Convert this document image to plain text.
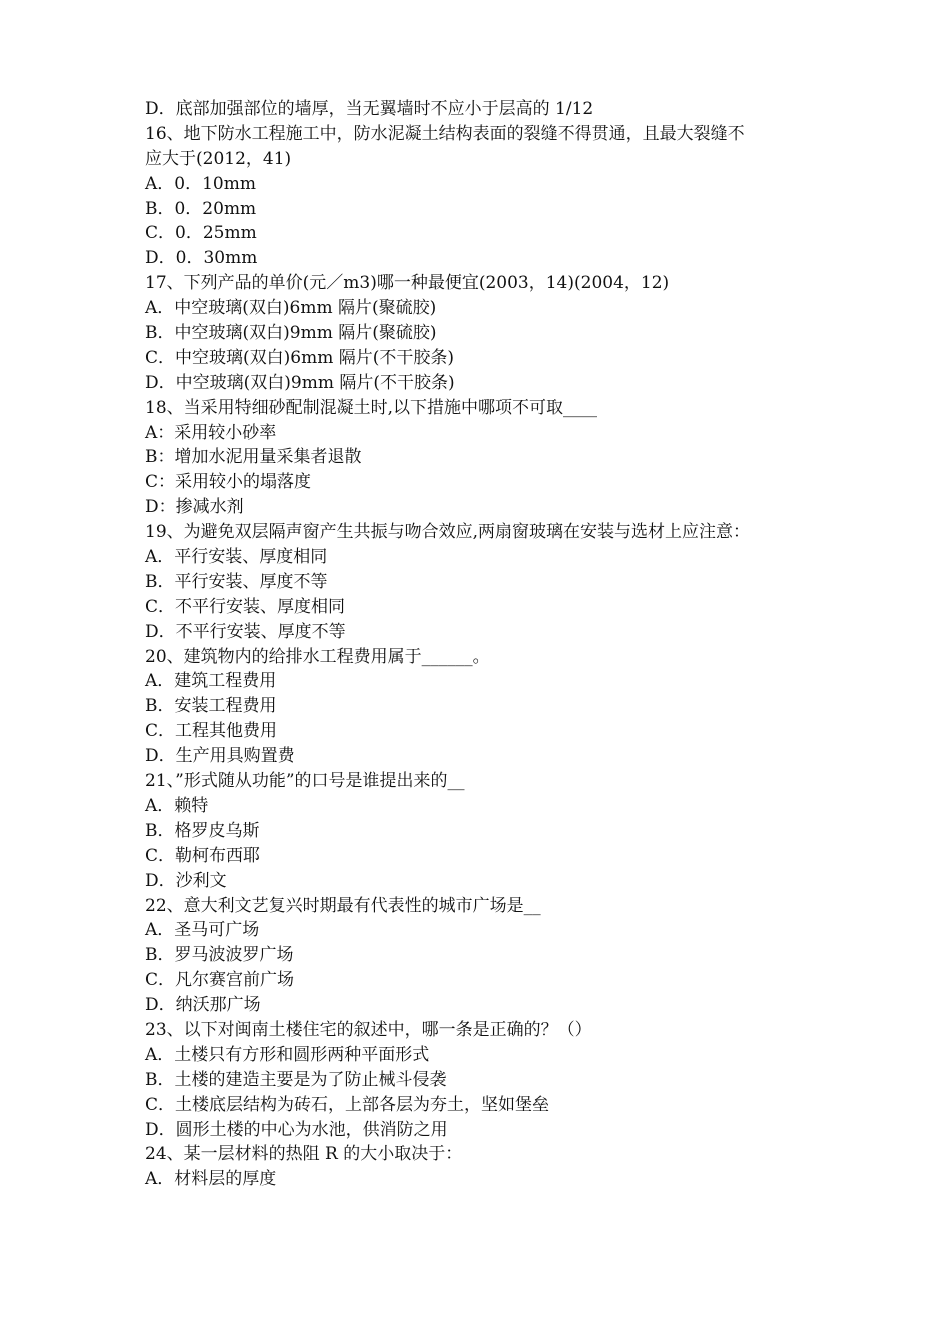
D．底部加强部位的墙厚，当无翼墙时不应小于层高的 1/12
16、地下防水工程施工中，防水泥凝土结构表面的裂缝不得贯通，且最大裂缝不
应大于(2012，41)
A．0．10mm
B．0．20mm
C．0．25mm
D．0．30mm
17、下列产品的单价(元／m3)哪一种最便宜(2003，14)(2004，12)
A．中空玻璃(双白)6mm 隔片(聚硫胶)
B．中空玻璃(双白)9mm 隔片(聚硫胶)
C．中空玻璃(双白)6mm 隔片(不干胶条)
D．中空玻璃(双白)9mm 隔片(不干胶条)
18、当采用特细砂配制混凝土时,以下措施中哪项不可取____
A：采用较小砂率
B：增加水泥用量采集者退散
C：采用较小的塌落度
D：掺减水剂
19、为避免双层隔声窗产生共振与吻合效应,两扇窗玻璃在安装与选材上应注意：
A．平行安装、厚度相同
B．平行安装、厚度不等
C．不平行安装、厚度相同
D．不平行安装、厚度不等
20、建筑物内的给排水工程费用属于______。
A．建筑工程费用
B．安装工程费用
C．工程其他费用
D．生产用具购置费
21、”形式随从功能”的口号是谁提出来的__
A．赖特
B．格罗皮乌斯
C．勒柯布西耶
D．沙利文
22、意大利文艺复兴时期最有代表性的城市广场是__
A．圣马可广场
B．罗马波波罗广场
C．凡尔赛宫前广场
D．纳沃那广场
23、以下对闽南土楼住宅的叙述中，哪一条是正确的？（）
A．土楼只有方形和圆形两种平面形式
B．土楼的建造主要是为了防止械斗侵袭
C．土楼底层结构为砖石，上部各层为夯土，坚如堡垒
D．圆形土楼的中心为水池，供消防之用
24、某一层材料的热阻 R 的大小取决于：
A．材料层的厚度
